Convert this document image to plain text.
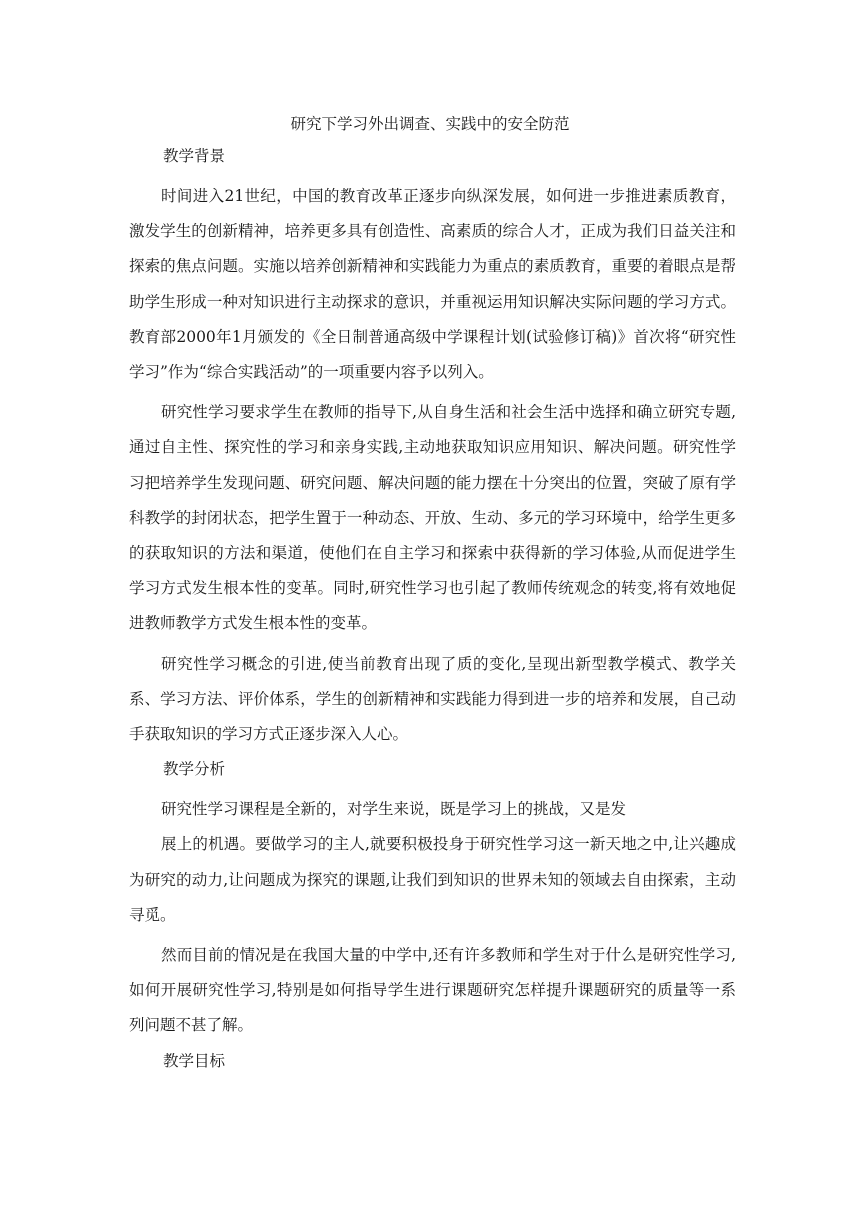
研究下学习外出调查、实践中的安全防范
教学背景

时间进入21世纪，中国的教育改革正逐步向纵深发展，如何进一步推进素质教育，激发学生的创新精神，培养更多具有创造性、高素质的综合人才，正成为我们日益关注和探索的焦点问题。实施以培养创新精神和实践能力为重点的素质教育，重要的着眼点是帮助学生形成一种对知识进行主动探求的意识，并重视运用知识解决实际问题的学习方式。教育部2000年1月颁发的《全日制普通高级中学课程计划(试验修订稿)》首次将“研究性学习”作为“综合实践活动”的一项重要内容予以列入。

研究性学习要求学生在教师的指导下,从自身生活和社会生活中选择和确立研究专题,通过自主性、探究性的学习和亲身实践,主动地获取知识应用知识、解决问题。研究性学习把培养学生发现问题、研究问题、解决问题的能力摆在十分突出的位置，突破了原有学科教学的封闭状态，把学生置于一种动态、开放、生动、多元的学习环境中，给学生更多的获取知识的方法和渠道，使他们在自主学习和探索中获得新的学习体验,从而促进学生学习方式发生根本性的变革。同时,研究性学习也引起了教师传统观念的转变,将有效地促进教师教学方式发生根本性的变革。

研究性学习概念的引进,使当前教育出现了质的变化,呈现出新型教学模式、教学关系、学习方法、评价体系，学生的创新精神和实践能力得到进一步的培养和发展，自己动手获取知识的学习方式正逐步深入人心。

教学分析

研究性学习课程是全新的，对学生来说，既是学习上的挑战，又是发

展上的机遇。要做学习的主人,就要积极投身于研究性学习这一新天地之中,让兴趣成为研究的动力,让问题成为探究的课题,让我们到知识的世界未知的领域去自由探索，主动寻觅。

然而目前的情况是在我国大量的中学中,还有许多教师和学生对于什么是研究性学习,如何开展研究性学习,特别是如何指导学生进行课题研究怎样提升课题研究的质量等一系列问题不甚了解。

教学目标
